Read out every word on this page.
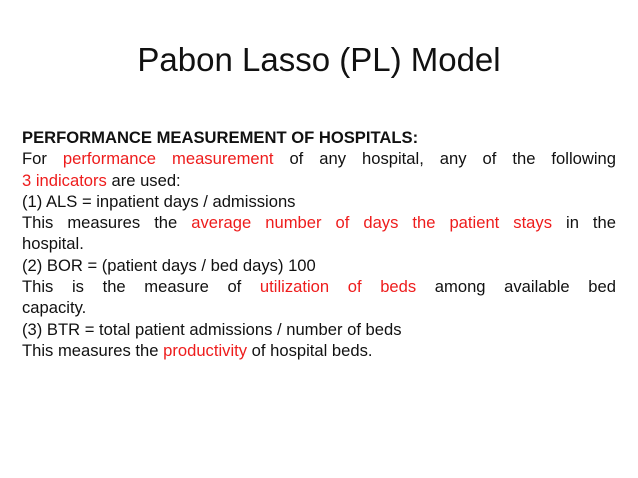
Pabon Lasso (PL) Model
PERFORMANCE MEASUREMENT OF HOSPITALS:
For performance measurement of any hospital, any of the following
3 indicators are used:
(1) ALS = inpatient days / admissions
This measures the average number of days the patient stays in the
hospital.
(2) BOR = (patient days / bed days) 100
This is the measure of utilization of beds among available bed
capacity.
(3) BTR = total patient admissions / number of beds
This measures the productivity of hospital beds.
